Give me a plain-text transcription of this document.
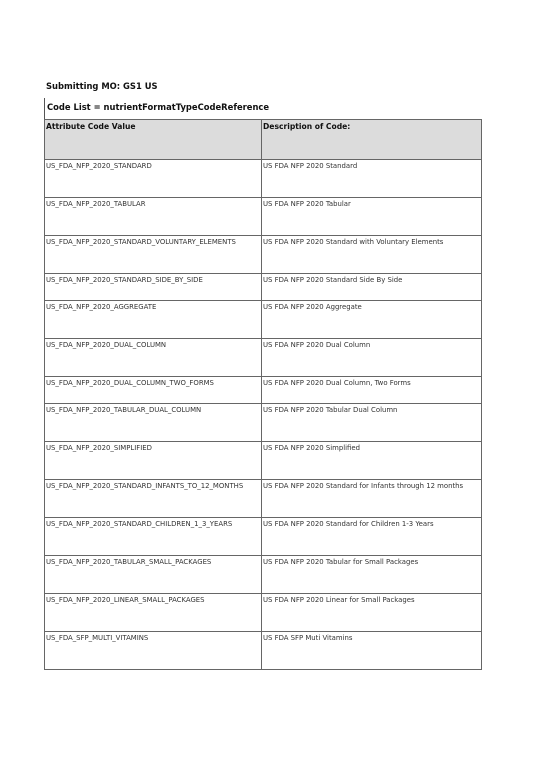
Submitting MO: GS1 US
Code List = nutrientFormatTypeCodeReference
Attribute Code Value	Description of Code:
US_FDA_NFP_2020_STANDARD	US FDA NFP 2020 Standard
US_FDA_NFP_2020_TABULAR	US FDA NFP 2020 Tabular
US_FDA_NFP_2020_STANDARD_VOLUNTARY_ELEMENTS	US FDA NFP 2020 Standard with Voluntary Elements
US_FDA_NFP_2020_STANDARD_SIDE_BY_SIDE	US FDA NFP 2020 Standard Side By Side
US_FDA_NFP_2020_AGGREGATE	US FDA NFP 2020 Aggregate
US_FDA_NFP_2020_DUAL_COLUMN	US FDA NFP 2020 Dual Column
US_FDA_NFP_2020_DUAL_COLUMN_TWO_FORMS	US FDA NFP 2020 Dual Column, Two Forms
US_FDA_NFP_2020_TABULAR_DUAL_COLUMN	US FDA NFP 2020 Tabular Dual Column
US_FDA_NFP_2020_SIMPLIFIED	US FDA NFP 2020 Simplified
US_FDA_NFP_2020_STANDARD_INFANTS_TO_12_MONTHS	US FDA NFP 2020 Standard for Infants through 12 months
US_FDA_NFP_2020_STANDARD_CHILDREN_1_3_YEARS	US FDA NFP 2020 Standard for Children 1-3 Years
US_FDA_NFP_2020_TABULAR_SMALL_PACKAGES	US FDA NFP 2020 Tabular for Small Packages
US_FDA_NFP_2020_LINEAR_SMALL_PACKAGES	US FDA NFP 2020 Linear for Small Packages
US_FDA_SFP_MULTI_VITAMINS	US FDA SFP Muti Vitamins
